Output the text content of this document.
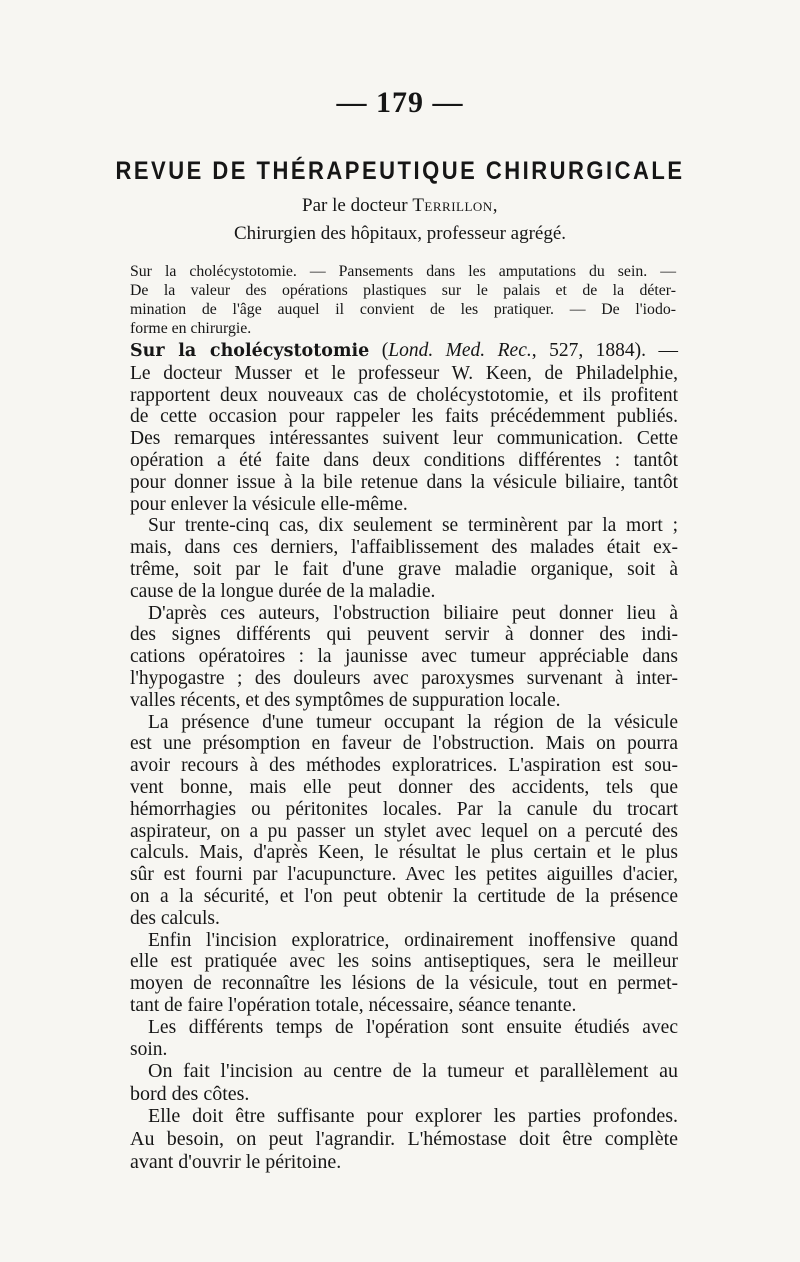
— 179 —
REVUE DE THÉRAPEUTIQUE CHIRURGICALE
Par le docteur Terrillon,
Chirurgien des hôpitaux, professeur agrégé.
Sur la cholécystotomie. — Pansements dans les amputations du sein. —
De la valeur des opérations plastiques sur le palais et de la déter-
mination de l'âge auquel il convient de les pratiquer. — De l'iodo-
forme en chirurgie.
Sur la cholécystotomie (Lond. Med. Rec., 527, 1884). —
Le docteur Musser et le professeur W. Keen, de Philadelphie,
rapportent deux nouveaux cas de cholécystotomie, et ils profitent
de cette occasion pour rappeler les faits précédemment publiés.
Des remarques intéressantes suivent leur communication. Cette
opération a été faite dans deux conditions différentes : tantôt
pour donner issue à la bile retenue dans la vésicule biliaire, tantôt
pour enlever la vésicule elle-même.
Sur trente-cinq cas, dix seulement se terminèrent par la mort ;
mais, dans ces derniers, l'affaiblissement des malades était ex-
trême, soit par le fait d'une grave maladie organique, soit à
cause de la longue durée de la maladie.
D'après ces auteurs, l'obstruction biliaire peut donner lieu à
des signes différents qui peuvent servir à donner des indi-
cations opératoires : la jaunisse avec tumeur appréciable dans
l'hypogastre ; des douleurs avec paroxysmes survenant à inter-
valles récents, et des symptômes de suppuration locale.
La présence d'une tumeur occupant la région de la vésicule
est une présomption en faveur de l'obstruction. Mais on pourra
avoir recours à des méthodes exploratrices. L'aspiration est sou-
vent bonne, mais elle peut donner des accidents, tels que
hémorrhagies ou péritonites locales. Par la canule du trocart
aspirateur, on a pu passer un stylet avec lequel on a percuté des
calculs. Mais, d'après Keen, le résultat le plus certain et le plus
sûr est fourni par l'acupuncture. Avec les petites aiguilles d'acier,
on a la sécurité, et l'on peut obtenir la certitude de la présence
des calculs.
Enfin l'incision exploratrice, ordinairement inoffensive quand
elle est pratiquée avec les soins antiseptiques, sera le meilleur
moyen de reconnaître les lésions de la vésicule, tout en permet-
tant de faire l'opération totale, nécessaire, séance tenante.
Les différents temps de l'opération sont ensuite étudiés avec
soin.
On fait l'incision au centre de la tumeur et parallèlement au
bord des côtes.
Elle doit être suffisante pour explorer les parties profondes.
Au besoin, on peut l'agrandir. L'hémostase doit être complète
avant d'ouvrir le péritoine.
